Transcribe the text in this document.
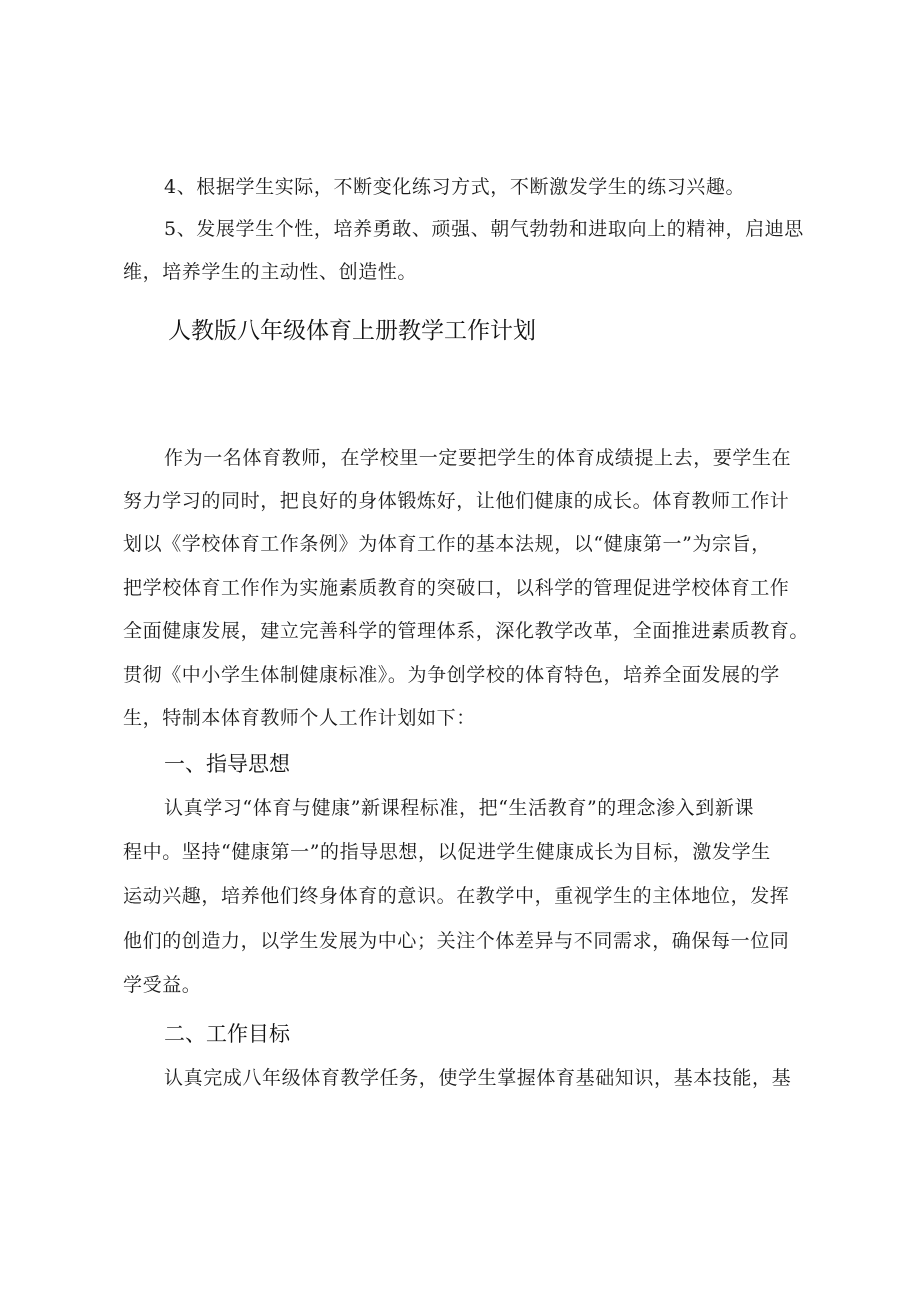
4、根据学生实际，不断变化练习方式，不断激发学生的练习兴趣。
5、发展学生个性，培养勇敢、顽强、朝气勃勃和进取向上的精神，启迪思
维，培养学生的主动性、创造性。
人教版八年级体育上册教学工作计划
作为一名体育教师，在学校里一定要把学生的体育成绩提上去，要学生在
努力学习的同时，把良好的身体锻炼好，让他们健康的成长。体育教师工作计
划以《学校体育工作条例》为体育工作的基本法规，以“健康第一”为宗旨，
把学校体育工作作为实施素质教育的突破口，以科学的管理促进学校体育工作
全面健康发展，建立完善科学的管理体系，深化教学改革，全面推进素质教育。
贯彻《中小学生体制健康标准》。为争创学校的体育特色，培养全面发展的学
生，特制本体育教师个人工作计划如下：
一、指导思想
认真学习“体育与健康”新课程标准，把“生活教育”的理念渗入到新课
程中。坚持“健康第一”的指导思想，以促进学生健康成长为目标，激发学生
运动兴趣，培养他们终身体育的意识。在教学中，重视学生的主体地位，发挥
他们的创造力，以学生发展为中心；关注个体差异与不同需求，确保每一位同
学受益。
二、工作目标
认真完成八年级体育教学任务，使学生掌握体育基础知识，基本技能，基
